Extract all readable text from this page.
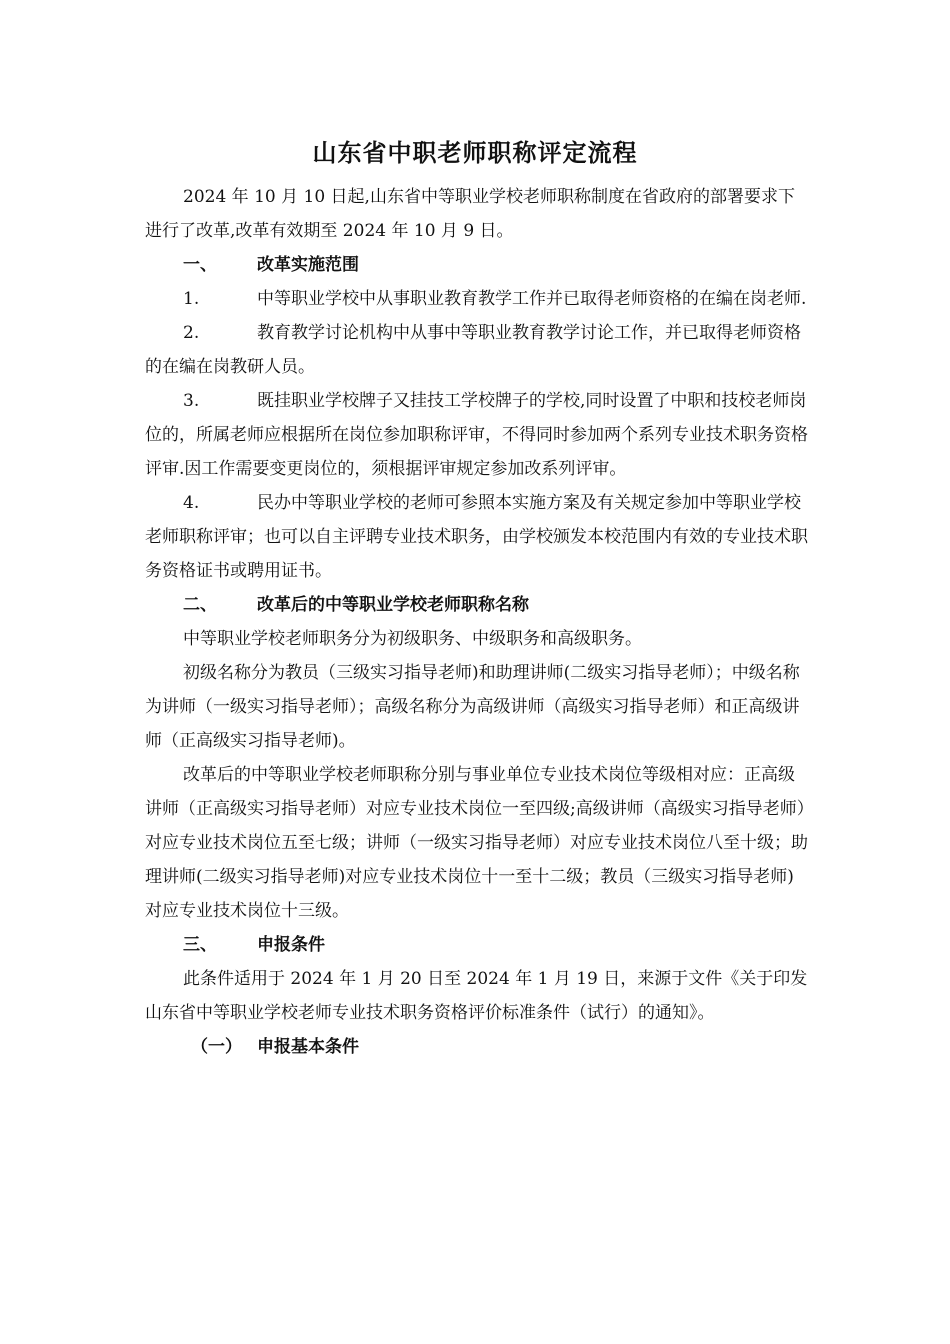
山东省中职老师职称评定流程
2024 年 10 月 10 日起,山东省中等职业学校老师职称制度在省政府的部署要求下进行了改革,改革有效期至 2024 年 10 月 9 日。
一、 改革实施范围
1.	中等职业学校中从事职业教育教学工作并已取得老师资格的在编在岗老师.
2.	教育教学讨论机构中从事中等职业教育教学讨论工作，并已取得老师资格的在编在岗教研人员。
3.	既挂职业学校牌子又挂技工学校牌子的学校,同时设置了中职和技校老师岗位的，所属老师应根据所在岗位参加职称评审，不得同时参加两个系列专业技术职务资格评审.因工作需要变更岗位的，须根据评审规定参加改系列评审。
4.	民办中等职业学校的老师可参照本实施方案及有关规定参加中等职业学校老师职称评审；也可以自主评聘专业技术职务，由学校颁发本校范围内有效的专业技术职务资格证书或聘用证书。
二、 改革后的中等职业学校老师职称名称
中等职业学校老师职务分为初级职务、中级职务和高级职务。
初级名称分为教员（三级实习指导老师)和助理讲师(二级实习指导老师）；中级名称为讲师（一级实习指导老师）；高级名称分为高级讲师（高级实习指导老师）和正高级讲师（正高级实习指导老师)。
改革后的中等职业学校老师职称分别与事业单位专业技术岗位等级相对应：正高级讲师（正高级实习指导老师）对应专业技术岗位一至四级;高级讲师（高级实习指导老师）对应专业技术岗位五至七级；讲师（一级实习指导老师）对应专业技术岗位八至十级；助理讲师(二级实习指导老师)对应专业技术岗位十一至十二级；教员（三级实习指导老师)对应专业技术岗位十三级。
三、 申报条件
此条件适用于 2024 年 1 月 20 日至 2024 年 1 月 19 日，来源于文件《关于印发山东省中等职业学校老师专业技术职务资格评价标准条件（试行）的通知》。
（一） 申报基本条件
